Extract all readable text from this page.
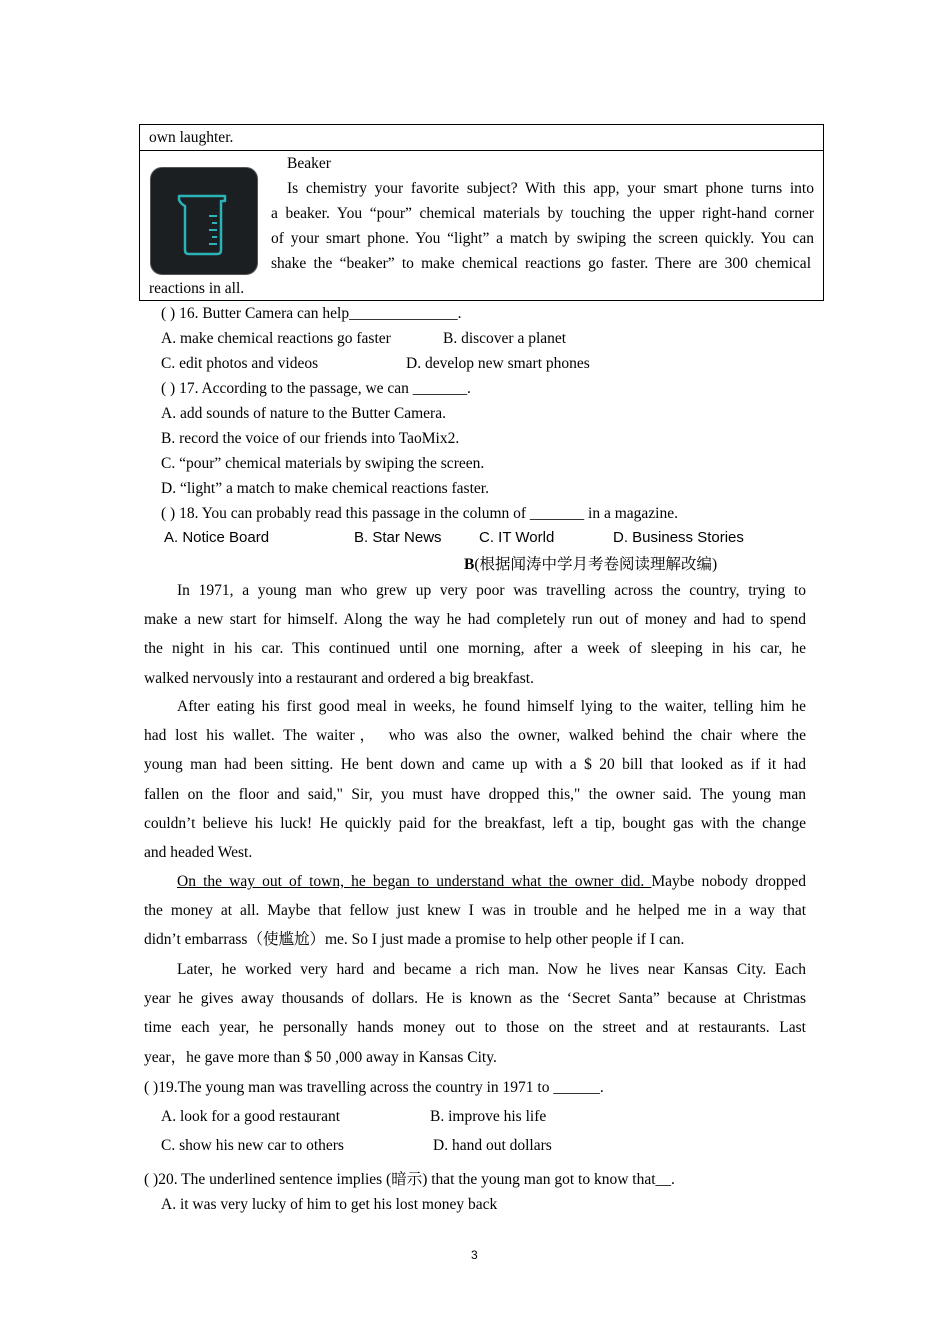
own laughter.
Beaker
Is chemistry your favorite subject? With this app, your smart phone turns into
a beaker. You “pour” chemical materials by touching the upper right-hand corner
of your smart phone. You “light” a match by swiping the screen quickly. You can
shake the “beaker” to make chemical reactions go faster. There are 300 chemical
reactions in all.
( ) 16. Butter Camera can help______________.
A. make chemical reactions go faster	B. discover a planet
C. edit photos and videos	D. develop new smart phones
( ) 17. According to the passage, we can _______.
A. add sounds of nature to the Butter Camera.
B. record the voice of our friends into TaoMix2.
C. “pour” chemical materials by swiping the screen.
D. “light” a match to make chemical reactions faster.
( ) 18. You can probably read this passage in the column of _______ in a magazine.
A. Notice Board	B. Star News C. IT World	D. Business Stories
B(根据闻涛中学月考卷阅读理解改编)
In 1971, a young man who grew up very poor was travelling across the country, trying to
make a new start for himself. Along the way he had completely run out of money and had to spend
the night in his car. This continued until one morning, after a week of sleeping in his car, he
walked nervously into a restaurant and ordered a big breakfast.
After eating his first good meal in weeks, he found himself lying to the waiter, telling him he
had lost his wallet. The waiter， who was also the owner, walked behind the chair where the
young man had been sitting. He bent down and came up with a $ 20 bill that looked as if it had
fallen on the floor and said," Sir, you must have dropped this," the owner said. The young man
couldn’t believe his luck! He quickly paid for the breakfast, left a tip, bought gas with the change
and headed West.
On the way out of town, he began to understand what the owner did. Maybe nobody dropped
the money at all. Maybe that fellow just knew I was in trouble and he helped me in a way that
didn’t embarrass（使尴尬）me. So I just made a promise to help other people if I can.
Later, he worked very hard and became a rich man. Now he lives near Kansas City. Each
year he gives away thousands of dollars. He is known as the ‘Secret Santa” because at Christmas
time each year, he personally hands money out to those on the street and at restaurants. Last
year，he gave more than $ 50 ,000 away in Kansas City.
( )19.The young man was travelling across the country in 1971 to ______.
A. look for a good restaurant	B. improve his life
C. show his new car to others	D. hand out dollars
( )20. The underlined sentence implies (暗示) that the young man got to know that__.
A. it was very lucky of him to get his lost money back
3
